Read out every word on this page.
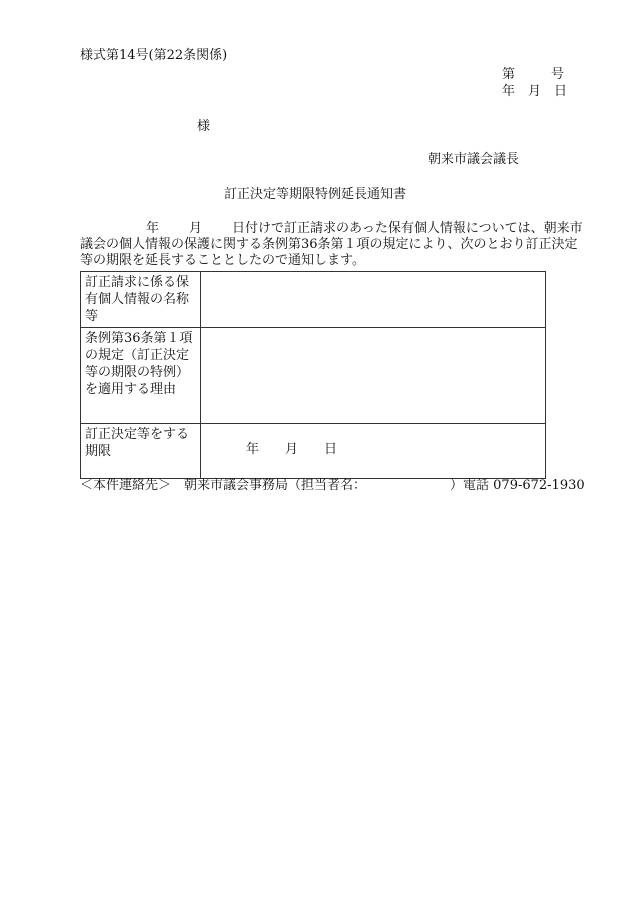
様式第14号(第22条関係)
第	号
年 月 日
様
朝来市議会議長
訂正決定等期限特例延長通知書
年 月 日付けで訂正請求のあった保有個人情報については、朝来市議会の個人情報の保護に関する条例第36条第１項の規定により、次のとおり訂正決定等の期限を延長することとしたので通知します。
訂正請求に係る保
有個人情報の名称
等	

条例第36条第１項
の規定（訂正決定
等の期限の特例）
を適用する理由	

訂正決定等をする
期限	年 月 日
＜本件連絡先＞　朝来市議会事務局（担当者名：	）電話 079-672-1930
